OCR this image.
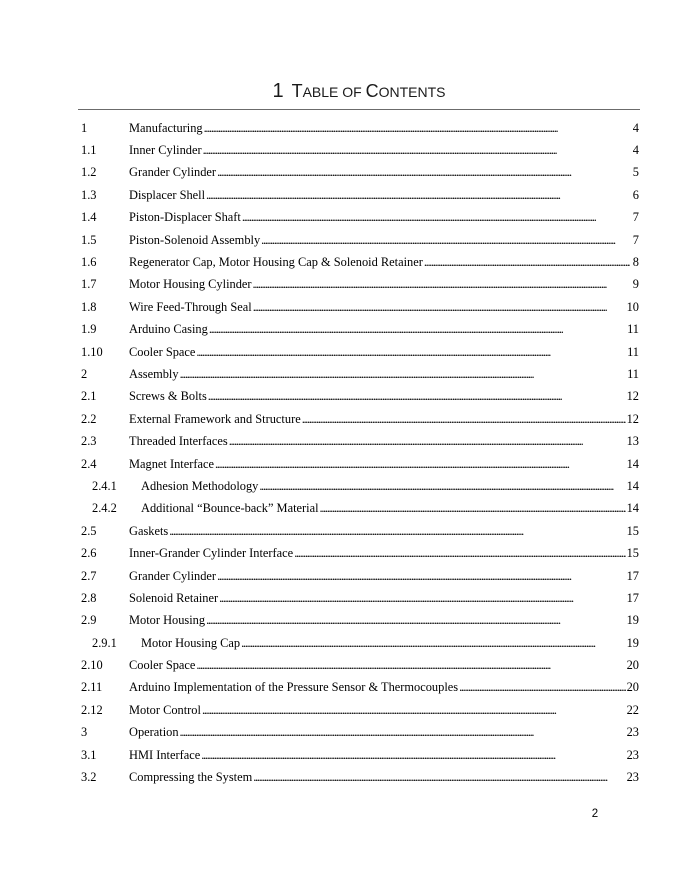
1 TABLE OF CONTENTS
1	Manufacturing . . .	4
1.1	Inner Cylinder . . .	4
1.2	Grander Cylinder . . .	5
1.3	Displacer Shell . . .	6
1.4	Piston-Displacer Shaft . . .	7
1.5	Piston-Solenoid Assembly . . .	7
1.6	Regenerator Cap, Motor Housing Cap & Solenoid Retainer . . .	8
1.7	Motor Housing Cylinder . . .	9
1.8	Wire Feed-Through Seal . . .	10
1.9	Arduino Casing . . .	11
1.10	Cooler Space . . .	11
2	Assembly . . .	11
2.1	Screws & Bolts . . .	12
2.2	External Framework and Structure . . .	12
2.3	Threaded Interfaces . . .	13
2.4	Magnet Interface . . .	14
2.4.1	Adhesion Methodology . . .	14
2.4.2	Additional “Bounce-back” Material . . .	14
2.5	Gaskets . . .	15
2.6	Inner-Grander Cylinder Interface . . .	15
2.7	Grander Cylinder . . .	17
2.8	Solenoid Retainer . . .	17
2.9	Motor Housing . . .	19
2.9.1	Motor Housing Cap . . .	19
2.10	Cooler Space . . .	20
2.11	Arduino Implementation of the Pressure Sensor & Thermocouples . . .	20
2.12	Motor Control . . .	22
3	Operation . . .	23
3.1	HMI Interface . . .	23
3.2	Compressing the System . . .	23
2
